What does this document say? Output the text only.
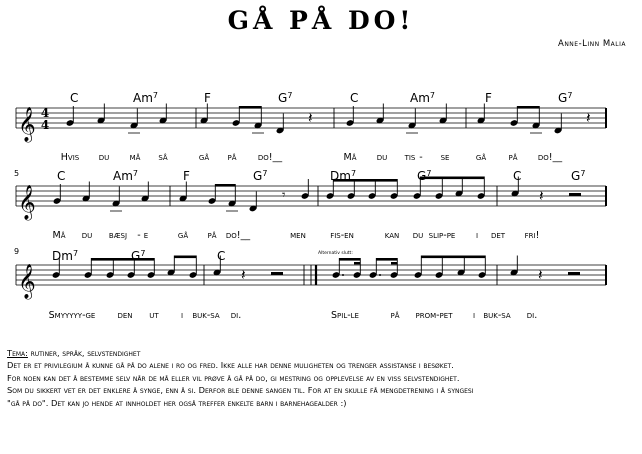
GÅ PÅ DO!
Anne-Linn Malia
𝄞 4
4	𝄽	𝄽
C	Am$^7$	F	$G^7$	C	Am$^7$	F	$G^7$
Hvis du må så	gå på do!__	Må du tis - se	gå på do!__
𝄞
5
𝄾	𝄽
C	Am$^7$	F	$G^7$	Dm$^7$	$G^7$	C	$G^7$
Må du bæsj - e	gå på do!__	men	fis-en	kan du slip-pe i det fri!
𝄞
Alternativ slutt:
9
𝄽	𝄽
Dm$^7$	$G^7$	C
Smyyyyy-ge den ut i buk-sa di.	Spil-le	på prom-pet i buk-sa di.
Tema: rutiner, språk, selvstendighet
Det er et privilegium å kunne gå på do alene i ro og fred. Ikke alle har denne muligheten og trenger assistanse i besøket.
For noen kan det å bestemme selv når de må eller vil prøve å gå på do, gi mestring og opplevelse av en viss selvstendighet.
Som du sikkert vet er det enklere å synge, enn å si. Derfor ble denne sangen til. For at en skulle få mengdetrening i å syngesi
"gå på do". Det kan jo hende at innholdet her også treffer enkelte barn i barnehagealder :)
